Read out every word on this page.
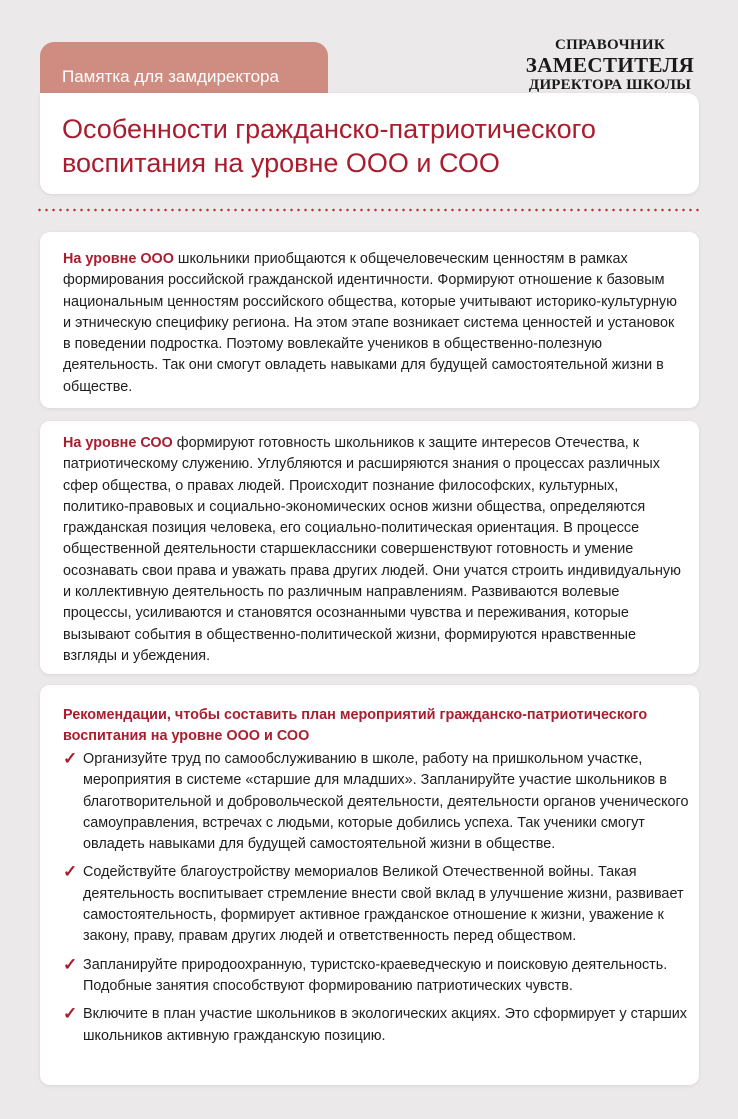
Памятка для замдиректора
СПРАВОЧНИК
ЗАМЕСТИТЕЛЯ
ДИРЕКТОРА ШКОЛЫ
Особенности гражданско-патриотического
воспитания на уровне ООО и СОО

На уровне ООО школьники приобщаются к общечеловеческим ценностям в рамках формирования российской гражданской идентичности. Формируют отношение к базовым национальным ценностям российского общества, которые учитывают историко-культурную и этническую специфику региона. На этом этапе возникает система ценностей и установок в поведении подростка. Поэтому вовлекайте учеников в общественно-полезную деятельность. Так они смогут овладеть навыками для будущей самостоятельной жизни в обществе.

На уровне СОО формируют готовность школьников к защите интересов Отечества, к патриотическому служению. Углубляются и расширяются знания о процессах различных сфер общества, о правах людей. Происходит познание философских, культурных, политико-правовых и социально-экономических основ жизни общества, определяются гражданская позиция человека, его социально-политическая ориентация. В процессе общественной деятельности старшеклассники совершенствуют готовность и умение осознавать свои права и уважать права других людей. Они учатся строить индивидуальную и коллективную деятельность по различным направлениям. Развиваются волевые процессы, усиливаются и становятся осознанными чувства и переживания, которые вызывают события в общественно-политической жизни, формируются нравственные взгляды и убеждения.

Рекомендации, чтобы составить план мероприятий гражданско-патриотического воспитания на уровне ООО и СОО
✓ Организуйте труд по самообслуживанию в школе, работу на пришкольном участке, мероприятия в системе «старшие для младших». Запланируйте участие школьников в благотворительной и добровольческой деятельности, деятельности органов ученического самоуправления, встречах с людьми, которые добились успеха. Так ученики смогут овладеть навыками для будущей самостоятельной жизни в обществе.
✓ Содействуйте благоустройству мемориалов Великой Отечественной войны. Такая деятельность воспитывает стремление внести свой вклад в улучшение жизни, развивает самостоятельность, формирует активное гражданское отношение к жизни, уважение к закону, праву, правам других людей и ответственность перед обществом.
✓ Запланируйте природоохранную, туристско-краеведческую и поисковую деятельность. Подобные занятия способствуют формированию патриотических чувств.
✓ Включите в план участие школьников в экологических акциях. Это сформирует у старших школьников активную гражданскую позицию.
